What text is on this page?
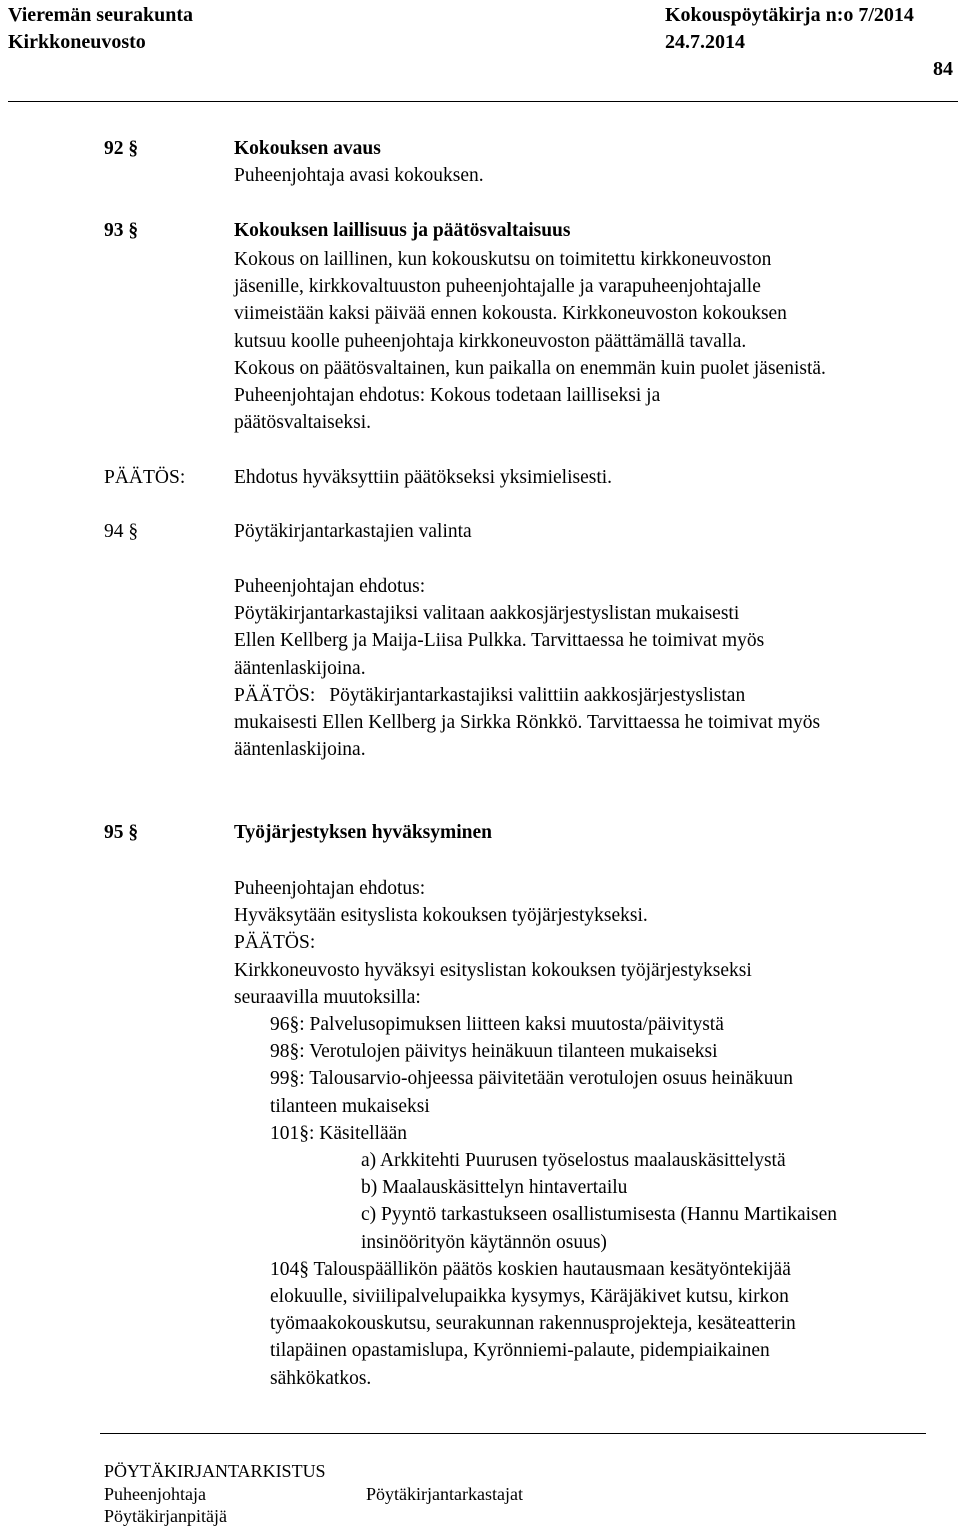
Vieremän seurakunta
Kirkkoneuvosto
Kokouspöytäkirja n:o 7/2014
24.7.2014
84
92 §	Kokouksen avaus
Puheenjohtaja avasi kokouksen.
93 §	Kokouksen laillisuus ja päätösvaltaisuus
Kokous on laillinen, kun kokouskutsu on toimitettu kirkkoneuvoston
jäsenille, kirkkovaltuuston puheenjohtajalle ja varapuheenjohtajalle
viimeistään kaksi päivää ennen kokousta. Kirkkoneuvoston kokouksen
kutsuu koolle puheenjohtaja kirkkoneuvoston päättämällä tavalla.
Kokous on päätösvaltainen, kun paikalla on enemmän kuin puolet jäsenistä.
Puheenjohtajan ehdotus: Kokous todetaan lailliseksi ja
päätösvaltaiseksi.
PÄÄTÖS: Ehdotus hyväksyttiin päätökseksi yksimielisesti.
94 §	Pöytäkirjantarkastajien valinta
Puheenjohtajan ehdotus:
Pöytäkirjantarkastajiksi valitaan aakkosjärjestyslistan mukaisesti
Ellen Kellberg ja Maija-Liisa Pulkka. Tarvittaessa he toimivat myös
ääntenlaskijoina.
PÄÄTÖS: Pöytäkirjantarkastajiksi valittiin aakkosjärjestyslistan
mukaisesti Ellen Kellberg ja Sirkka Rönkkö. Tarvittaessa he toimivat myös
ääntenlaskijoina.
95 §	Työjärjestyksen hyväksyminen
Puheenjohtajan ehdotus:
Hyväksytään esityslista kokouksen työjärjestykseksi.
PÄÄTÖS:
Kirkkoneuvosto hyväksyi esityslistan kokouksen työjärjestykseksi
seuraavilla muutoksilla:
96§: Palvelusopimuksen liitteen kaksi muutosta/päivitystä
98§: Verotulojen päivitys heinäkuun tilanteen mukaiseksi
99§: Talousarvio-ohjeessa päivitetään verotulojen osuus heinäkuun
tilanteen mukaiseksi
101§: Käsitellään
a) Arkkitehti Puurusen työselostus maalauskäsittelystä
b) Maalauskäsittelyn hintavertailu
c) Pyyntö tarkastukseen osallistumisesta (Hannu Martikaisen
insinöörityön käytännön osuus)
104§ Talouspäällikön päätös koskien hautausmaan kesätyöntekijää
elokuulle, siviilipalvelupaikka kysymys, Käräjäkivet kutsu, kirkon
työmaakokouskutsu, seurakunnan rakennusprojekteja, kesäteatterin
tilapäinen opastamislupa, Kyrönniemi-palaute, pidempiaikainen
sähkökatkos.
PÖYTÄKIRJANTARKISTUS
Puheenjohtaja	Pöytäkirjantarkastajat
Pöytäkirjanpitäjä
